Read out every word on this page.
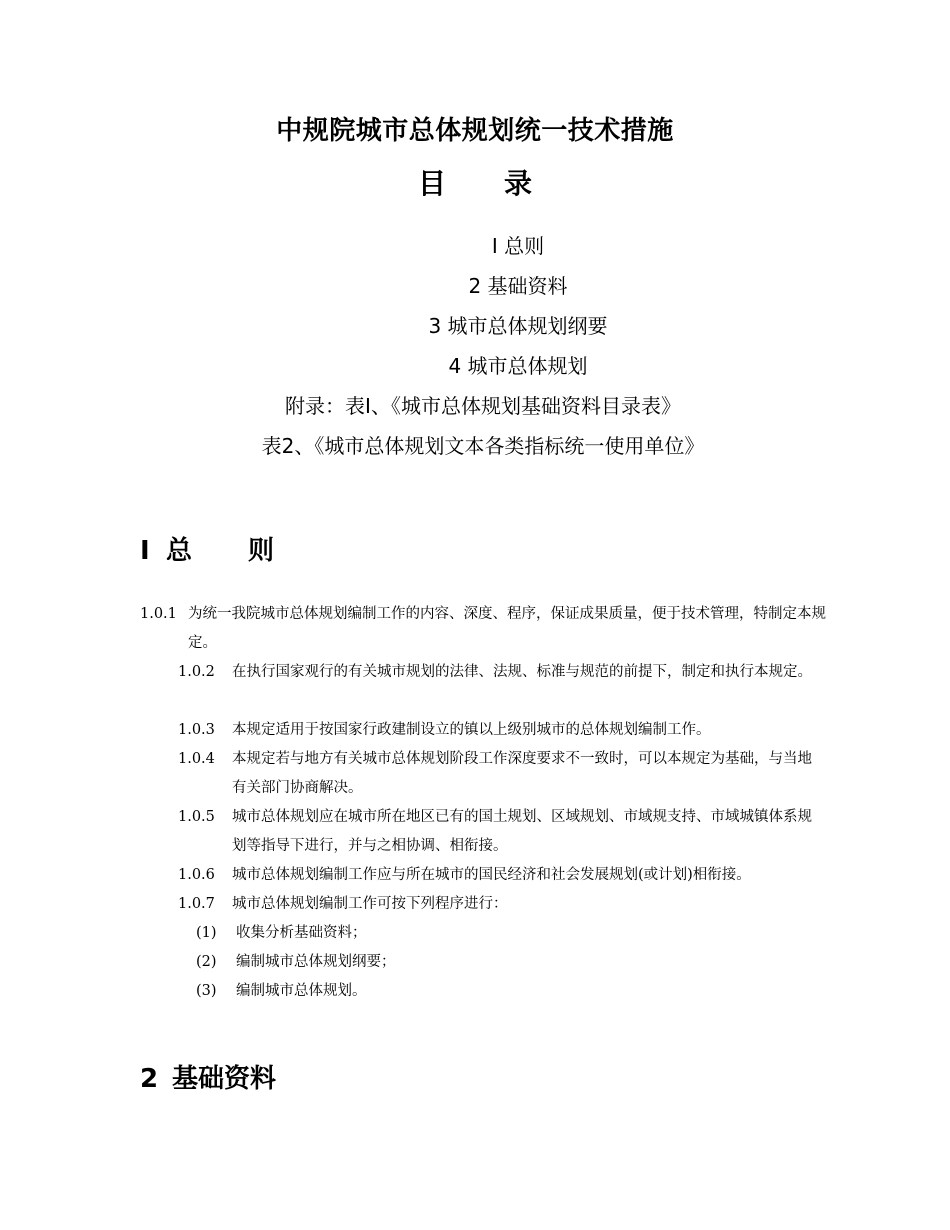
中规院城市总体规划统一技术措施
目 录
I 总则
2 基础资料
3 城市总体规划纲要
4 城市总体规划
附录：表Ⅰ、《城市总体规划基础资料目录表》
表2、《城市总体规划文本各类指标统一使用单位》
I 总 则
1.0.1 为统一我院城市总体规划编制工作的内容、深度、程序，保证成果质量，便于技术管理，特制定本规定。
1.0.2	在执行国家观行的有关城市规划的法律、法规、标准与规范的前提下，制定和执行本规定。
1.0.3	本规定适用于按国家行政建制设立的镇以上级别城市的总体规划编制工作。
1.0.4	本规定若与地方有关城市总体规划阶段工作深度要求不一致时，可以本规定为基础，与当地有关部门协商解决。
1.0.5	城市总体规划应在城市所在地区已有的国土规划、区域规划、市域规支持、市域城镇体系规划等指导下进行，并与之相协调、相衔接。
1.0.6	城市总体规划编制工作应与所在城市的国民经济和社会发展规划(或计划)相衔接。
1.0.7	城市总体规划编制工作可按下列程序进行：
(1) 收集分析基础资料；
(2) 编制城市总体规划纲要；
(3) 编制城市总体规划。
2 基础资料
